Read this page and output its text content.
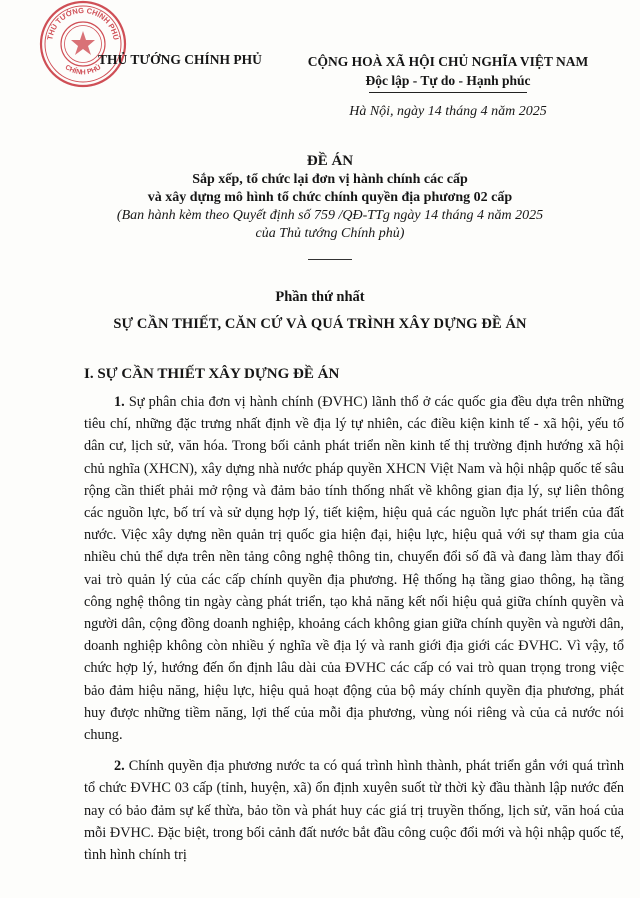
THỦ TƯỚNG CHÍNH PHỦ
CHÍNH PHỦ
THỦ TƯỚNG CHÍNH PHỦ	CỘNG HOÀ XÃ HỘI CHỦ NGHĨA VIỆT NAM
Độc lập - Tự do - Hạnh phúc
Hà Nội, ngày 14 tháng 4 năm 2025
ĐỀ ÁN
Sắp xếp, tổ chức lại đơn vị hành chính các cấp
và xây dựng mô hình tổ chức chính quyền địa phương 02 cấp
(Ban hành kèm theo Quyết định số 759 /QĐ-TTg ngày 14 tháng 4 năm 2025
của Thủ tướng Chính phủ)
Phần thứ nhất
SỰ CẦN THIẾT, CĂN CỨ VÀ QUÁ TRÌNH XÂY DỰNG ĐỀ ÁN
I. SỰ CẦN THIẾT XÂY DỰNG ĐỀ ÁN

1. Sự phân chia đơn vị hành chính (ĐVHC) lãnh thổ ở các quốc gia đều dựa trên những tiêu chí, những đặc trưng nhất định về địa lý tự nhiên, các điều kiện kinh tế - xã hội, yếu tố dân cư, lịch sử, văn hóa. Trong bối cảnh phát triển nền kinh tế thị trường định hướng xã hội chủ nghĩa (XHCN), xây dựng nhà nước pháp quyền XHCN Việt Nam và hội nhập quốc tế sâu rộng cần thiết phải mở rộng và đảm bảo tính thống nhất về không gian địa lý, sự liên thông các nguồn lực, bố trí và sử dụng hợp lý, tiết kiệm, hiệu quả các nguồn lực phát triển của đất nước. Việc xây dựng nền quản trị quốc gia hiện đại, hiệu lực, hiệu quả với sự tham gia của nhiều chủ thể dựa trên nền tảng công nghệ thông tin, chuyển đổi số đã và đang làm thay đổi vai trò quản lý của các cấp chính quyền địa phương. Hệ thống hạ tầng giao thông, hạ tầng công nghệ thông tin ngày càng phát triển, tạo khả năng kết nối hiệu quả giữa chính quyền và người dân, cộng đồng doanh nghiệp, khoảng cách không gian giữa chính quyền và người dân, doanh nghiệp không còn nhiều ý nghĩa về địa lý và ranh giới địa giới các ĐVHC. Vì vậy, tổ chức hợp lý, hướng đến ổn định lâu dài của ĐVHC các cấp có vai trò quan trọng trong việc bảo đảm hiệu năng, hiệu lực, hiệu quả hoạt động của bộ máy chính quyền địa phương, phát huy được những tiềm năng, lợi thế của mỗi địa phương, vùng nói riêng và của cả nước nói chung.

2. Chính quyền địa phương nước ta có quá trình hình thành, phát triển gắn với quá trình tổ chức ĐVHC 03 cấp (tỉnh, huyện, xã) ổn định xuyên suốt từ thời kỳ đầu thành lập nước đến nay có bảo đảm sự kế thừa, bảo tồn và phát huy các giá trị truyền thống, lịch sử, văn hoá của mỗi ĐVHC. Đặc biệt, trong bối cảnh đất nước bắt đầu công cuộc đổi mới và hội nhập quốc tế, tình hình chính trị
